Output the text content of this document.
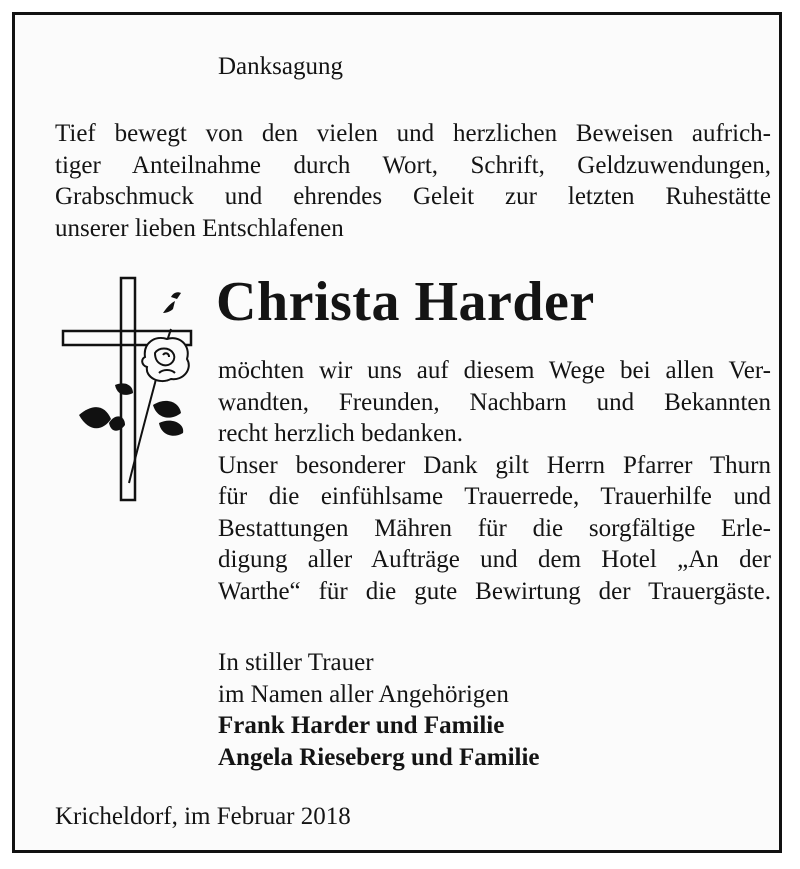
Danksagung
Tief bewegt von den vielen und herzlichen Beweisen aufrich-
tiger Anteilnahme durch Wort, Schrift, Geldzuwendungen,
Grabschmuck und ehrendes Geleit zur letzten Ruhestätte
unserer lieben Entschlafenen
Christa Harder
möchten wir uns auf diesem Wege bei allen Ver-
wandten, Freunden, Nachbarn und Bekannten
recht herzlich bedanken.
Unser besonderer Dank gilt Herrn Pfarrer Thurn
für die einfühlsame Trauerrede, Trauerhilfe und
Bestattungen Mähren für die sorgfältige Erle-
digung aller Aufträge und dem Hotel „An der
Warthe“ für die gute Bewirtung der Trauergäste.
In stiller Trauer
im Namen aller Angehörigen
Frank Harder und Familie
Angela Rieseberg und Familie
Kricheldorf, im Februar 2018
